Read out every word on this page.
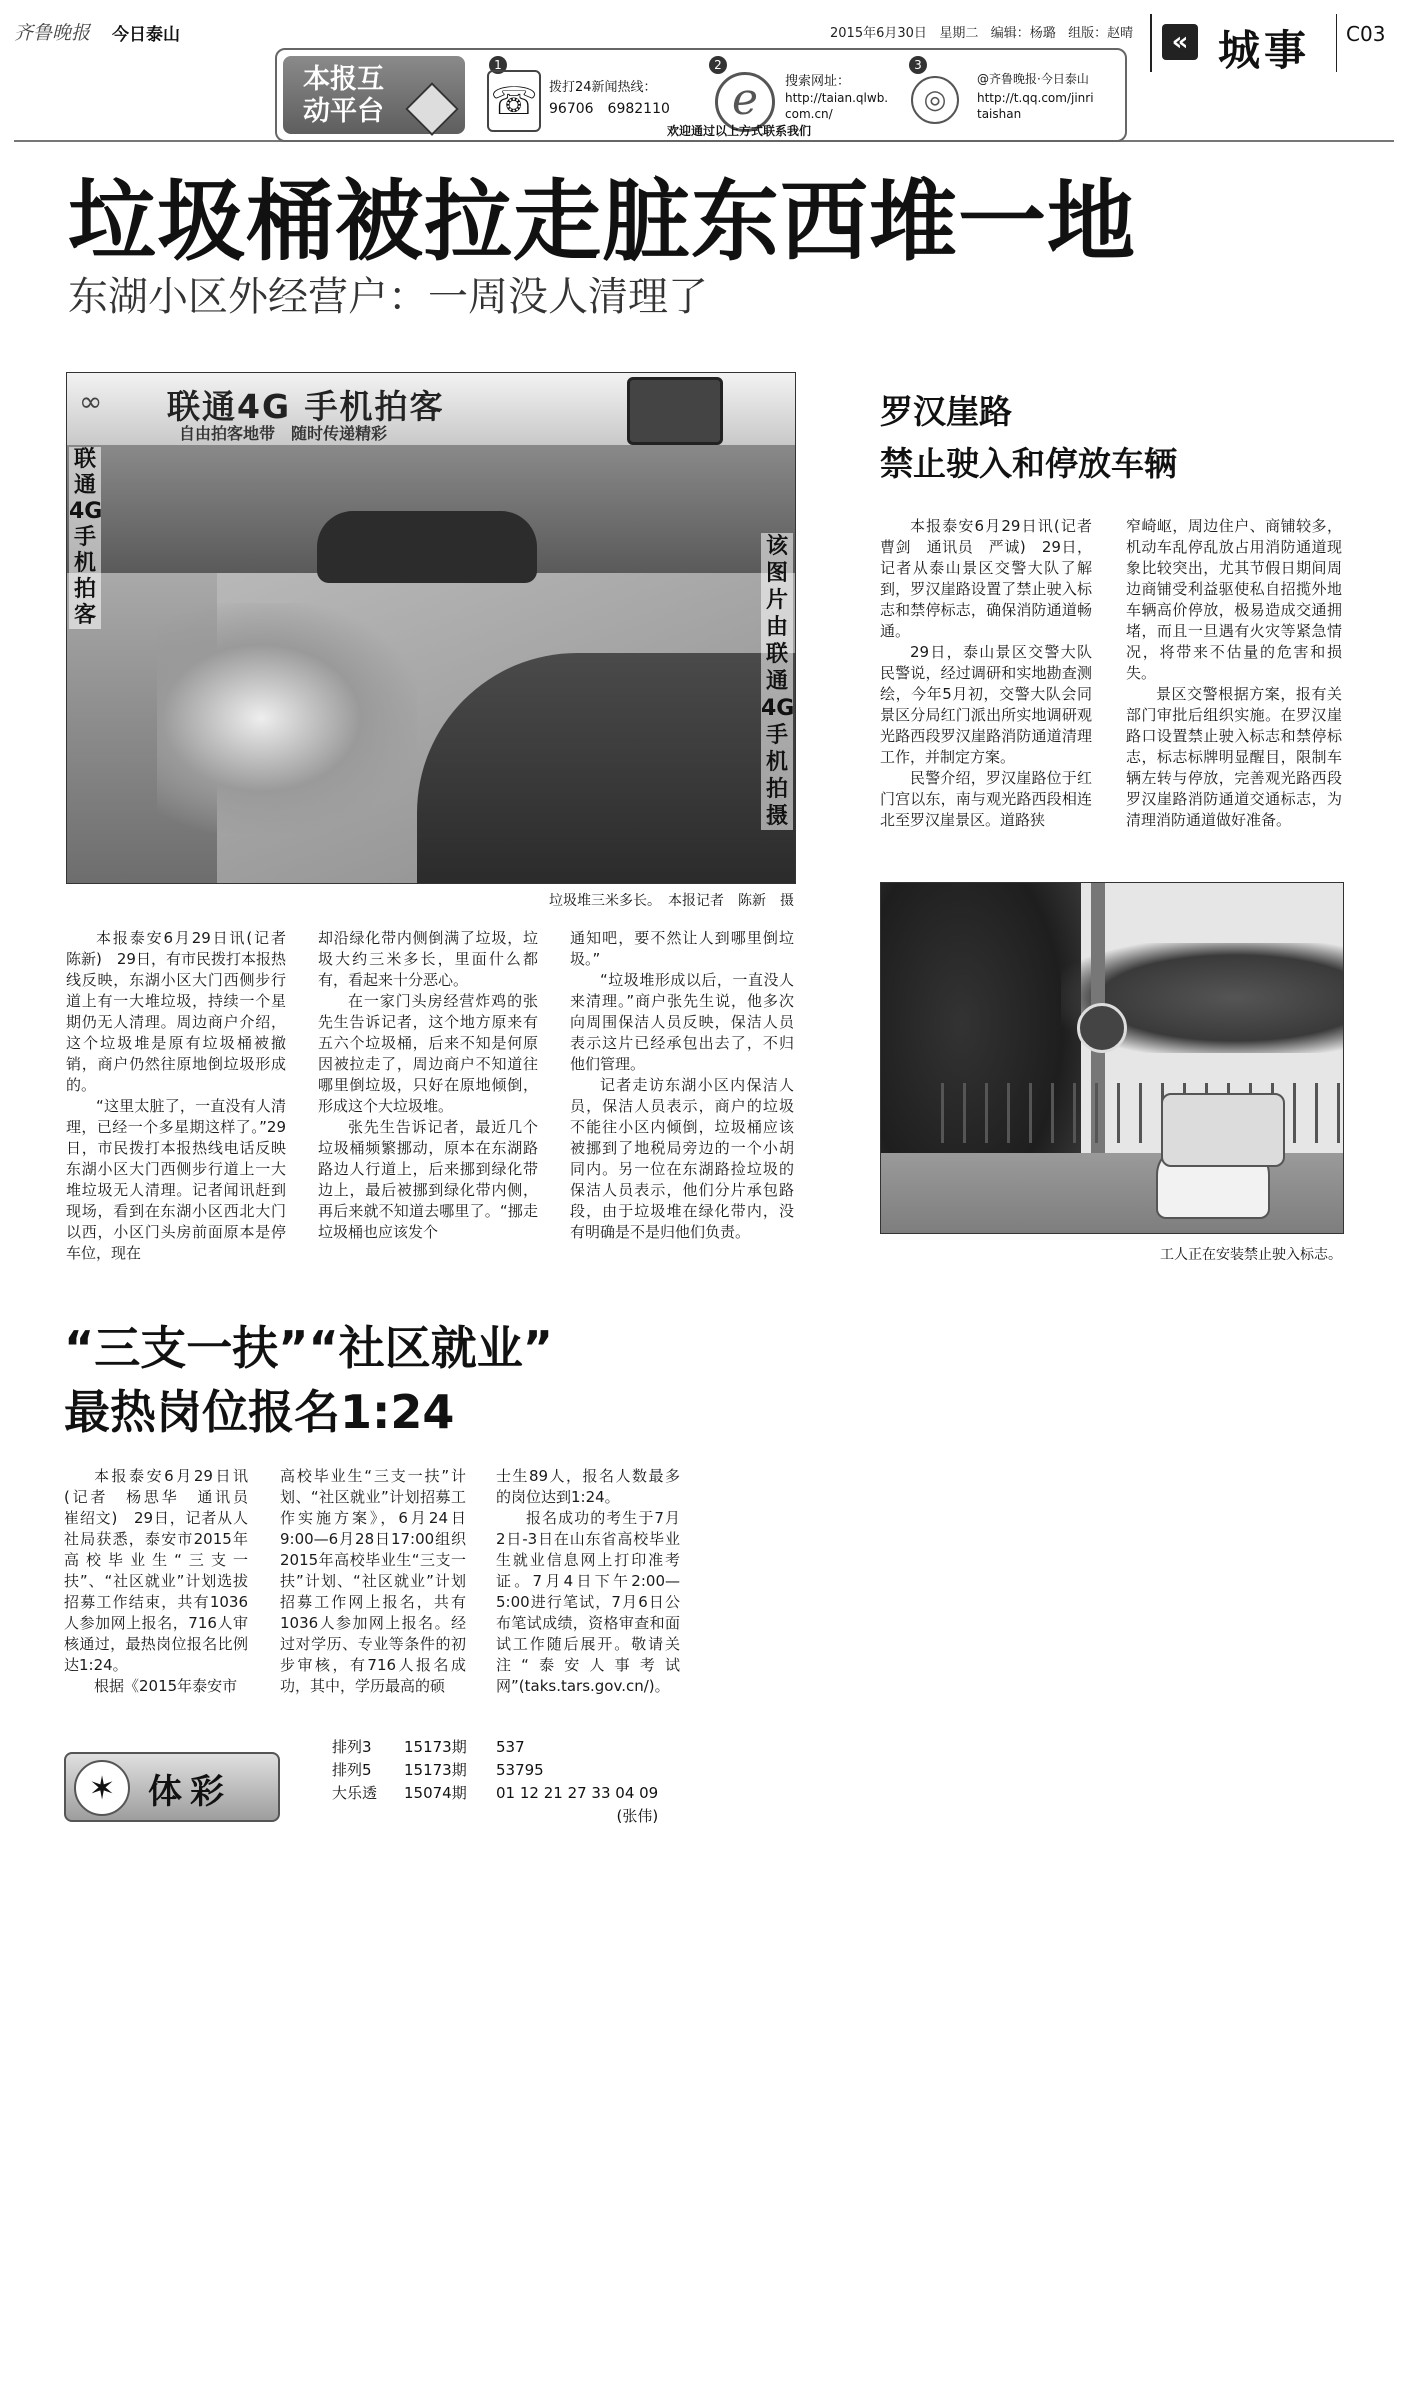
齐鲁晚报 今日泰山	2015年6月30日 星期二 编辑：杨璐 组版：赵晴	« 城事 C03
本报互动平台
1
☏ 拨打24新闻热线：
96706　6982110
2
e	搜索网址：
http://taian.qlwb.com.cn/
3
◎
@齐鲁晚报·今日泰山
http://t.qq.com/jinritaishan
欢迎通过以上方式联系我们
垃圾桶被拉走脏东西堆一地
东湖小区外经营户：一周没人清理了
∞ 联通4G 手机拍客
自由拍客地带　随时传递精彩
联通4G手机拍客
该图片由联通4G手机拍摄
垃圾堆三米多长。　本报记者　陈新　摄

本报泰安6月29日讯(记者　陈新)　29日，有市民拨打本报热线反映，东湖小区大门西侧步行道上有一大堆垃圾，持续一个星期仍无人清理。周边商户介绍，这个垃圾堆是原有垃圾桶被撤销，商户仍然往原地倒垃圾形成的。

“这里太脏了，一直没有人清理，已经一个多星期这样了。”29日，市民拨打本报热线电话反映东湖小区大门西侧步行道上一大堆垃圾无人清理。记者闻讯赶到现场，看到在东湖小区西北大门以西，小区门头房前面原本是停车位，现在

却沿绿化带内侧倒满了垃圾，垃圾大约三米多长，里面什么都有，看起来十分恶心。

在一家门头房经营炸鸡的张先生告诉记者，这个地方原来有五六个垃圾桶，后来不知是何原因被拉走了，周边商户不知道往哪里倒垃圾，只好在原地倾倒，形成这个大垃圾堆。

张先生告诉记者，最近几个垃圾桶频繁挪动，原本在东湖路路边人行道上，后来挪到绿化带边上，最后被挪到绿化带内侧，再后来就不知道去哪里了。“挪走垃圾桶也应该发个

通知吧，要不然让人到哪里倒垃圾。”

“垃圾堆形成以后，一直没人来清理。”商户张先生说，他多次向周围保洁人员反映，保洁人员表示这片已经承包出去了，不归他们管理。

记者走访东湖小区内保洁人员，保洁人员表示，商户的垃圾不能往小区内倾倒，垃圾桶应该被挪到了地税局旁边的一个小胡同内。另一位在东湖路捡垃圾的保洁人员表示，他们分片承包路段，由于垃圾堆在绿化带内，没有明确是不是归他们负责。

罗汉崖路
禁止驶入和停放车辆

本报泰安6月29日讯(记者　曹剑　通讯员　严诚)　29日，记者从泰山景区交警大队了解到，罗汉崖路设置了禁止驶入标志和禁停标志，确保消防通道畅通。

29日，泰山景区交警大队民警说，经过调研和实地勘查测绘，今年5月初，交警大队会同景区分局红门派出所实地调研观光路西段罗汉崖路消防通道清理工作，并制定方案。

民警介绍，罗汉崖路位于红门宫以东，南与观光路西段相连北至罗汉崖景区。道路狭

窄崎岖，周边住户、商铺较多，机动车乱停乱放占用消防通道现象比较突出，尤其节假日期间周边商铺受利益驱使私自招揽外地车辆高价停放，极易造成交通拥堵，而且一旦遇有火灾等紧急情况，将带来不估量的危害和损失。

景区交警根据方案，报有关部门审批后组织实施。在罗汉崖路口设置禁止驶入标志和禁停标志，标志标牌明显醒目，限制车辆左转与停放，完善观光路西段罗汉崖路消防通道交通标志，为清理消防通道做好准备。

工人正在安装禁止驶入标志。
“三支一扶”“社区就业”
最热岗位报名1:24

本报泰安6月29日讯(记者　杨思华　通讯员　崔绍文)　29日，记者从人社局获悉，泰安市2015年高校毕业生“三支一扶”、“社区就业”计划选拔招募工作结束，共有1036人参加网上报名，716人审核通过，最热岗位报名比例达1:24。

根据《2015年泰安市

高校毕业生“三支一扶”计划、“社区就业”计划招募工作实施方案》，6月24日9:00—6月28日17:00组织2015年高校毕业生“三支一扶”计划、“社区就业”计划招募工作网上报名，共有1036人参加网上报名。经过对学历、专业等条件的初步审核，有716人报名成功，其中，学历最高的硕

士生89人，报名人数最多的岗位达到1:24。

报名成功的考生于7月2日-3日在山东省高校毕业生就业信息网上打印准考证。7月4日下午2:00—5:00进行笔试，7月6日公布笔试成绩，资格审查和面试工作随后展开。敬请关注“泰安人事考试网”(taks.tars.gov.cn/)。

✶ 体彩
排列3	15173期	537
排列5	15173期	53795
大乐透	15074期	01 12 21 27 33 04 09
(张伟)
